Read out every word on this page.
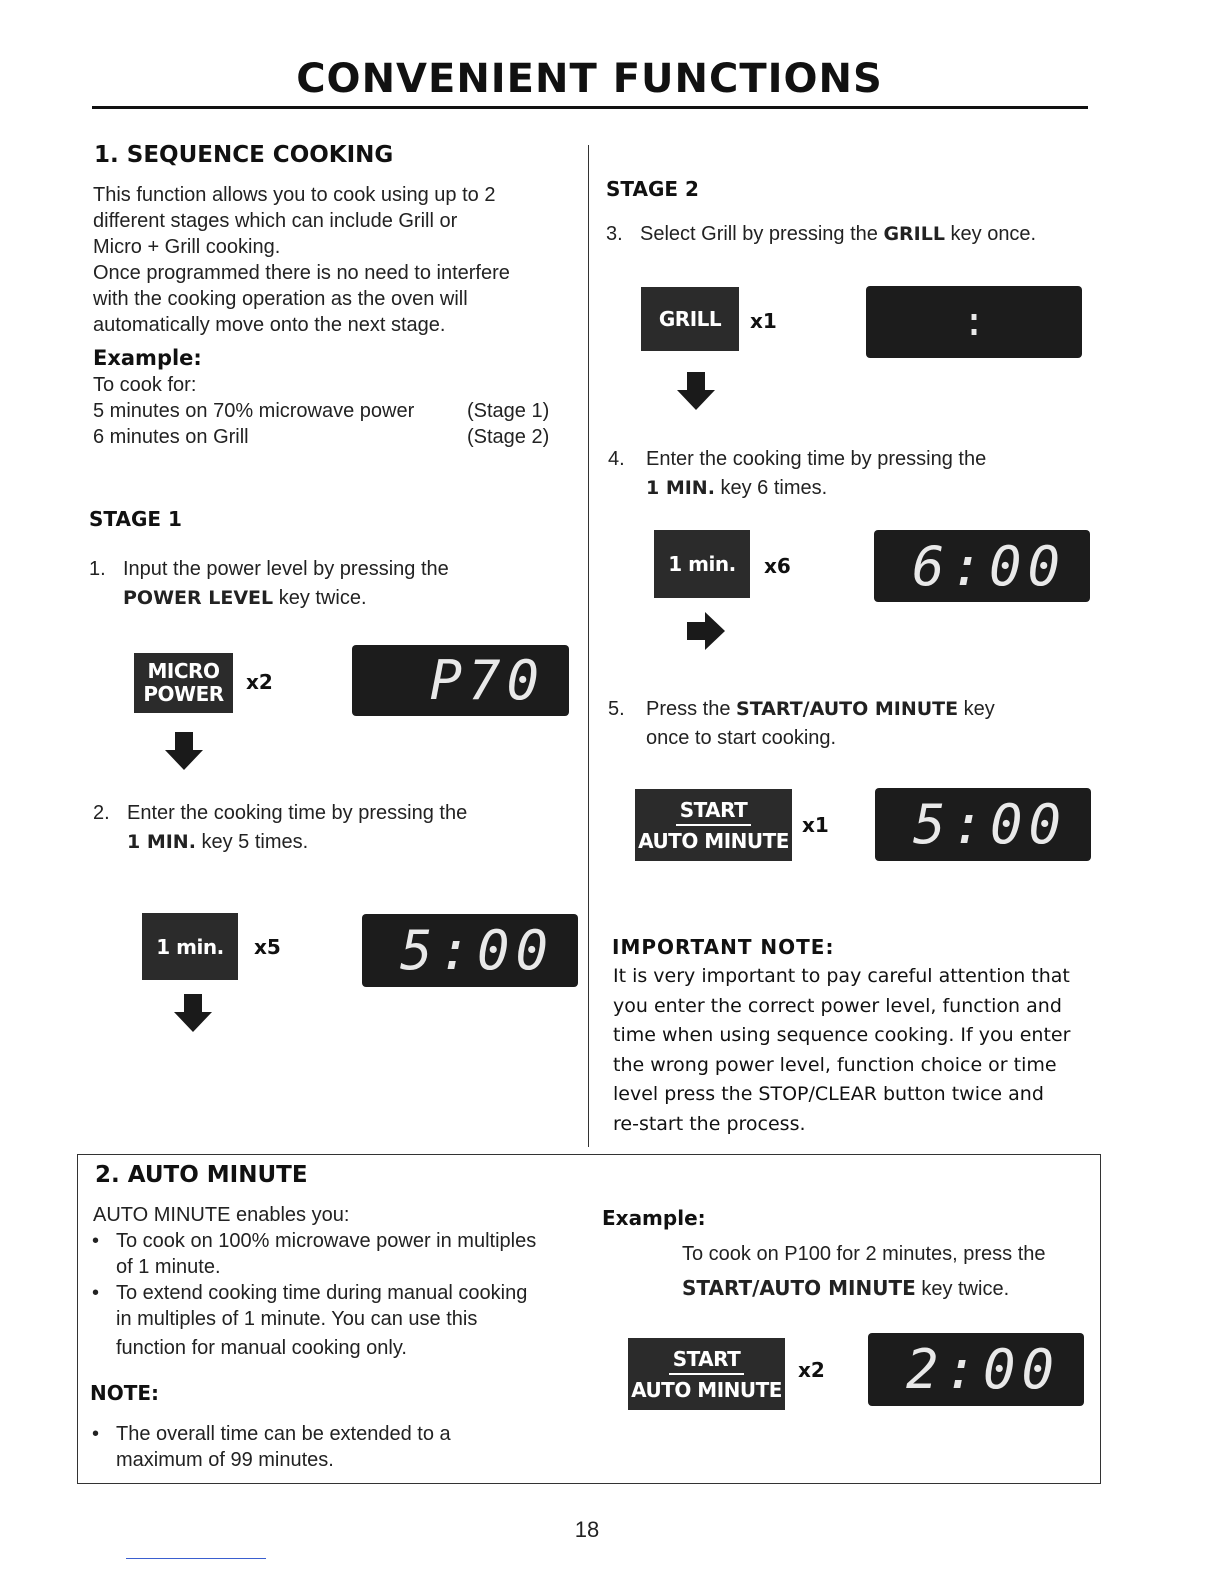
CONVENIENT FUNCTIONS
1. SEQUENCE COOKING

This function allows you to cook using up to 2

different stages which can include Grill or

Micro + Grill cooking.

Once programmed there is no need to interfere

with the cooking operation as the oven will

automatically move onto the next stage.

Example:

To cook for:

5 minutes on 70% microwave power	(Stage 1)
6 minutes on Grill	(Stage 2)
STAGE 1
1. Input the power level by pressing the
POWER LEVEL key twice.
MICRO
POWER x2	P70
2. Enter the cooking time by pressing the
1 MIN. key 5 times.
1 min.	x5	5:00
STAGE 2
3. Select Grill by pressing the GRILL key once.
GRILL	x1	:
4. Enter the cooking time by pressing the
1 MIN. key 6 times.
1 min.	x6	6:00
5. Press the START/AUTO MINUTE key
once to start cooking.
START
AUTO MINUTE
x1	5:00
IMPORTANT NOTE:
It is very important to pay careful attention that
you enter the correct power level, function and
time when using sequence cooking. If you enter
the wrong power level, function choice or time
level press the STOP/CLEAR button twice and
re-start the process.
2. AUTO MINUTE
AUTO MINUTE enables you:
• To cook on 100% microwave power in multiples
of 1 minute.
• To extend cooking time during manual cooking
in multiples of 1 minute. You can use this
function for manual cooking only.
NOTE:
• The overall time can be extended to a
maximum of 99 minutes.
Example:
To cook on P100 for 2 minutes, press the
START/AUTO MINUTE key twice.
START
AUTO MINUTE
x2	2:00
18
